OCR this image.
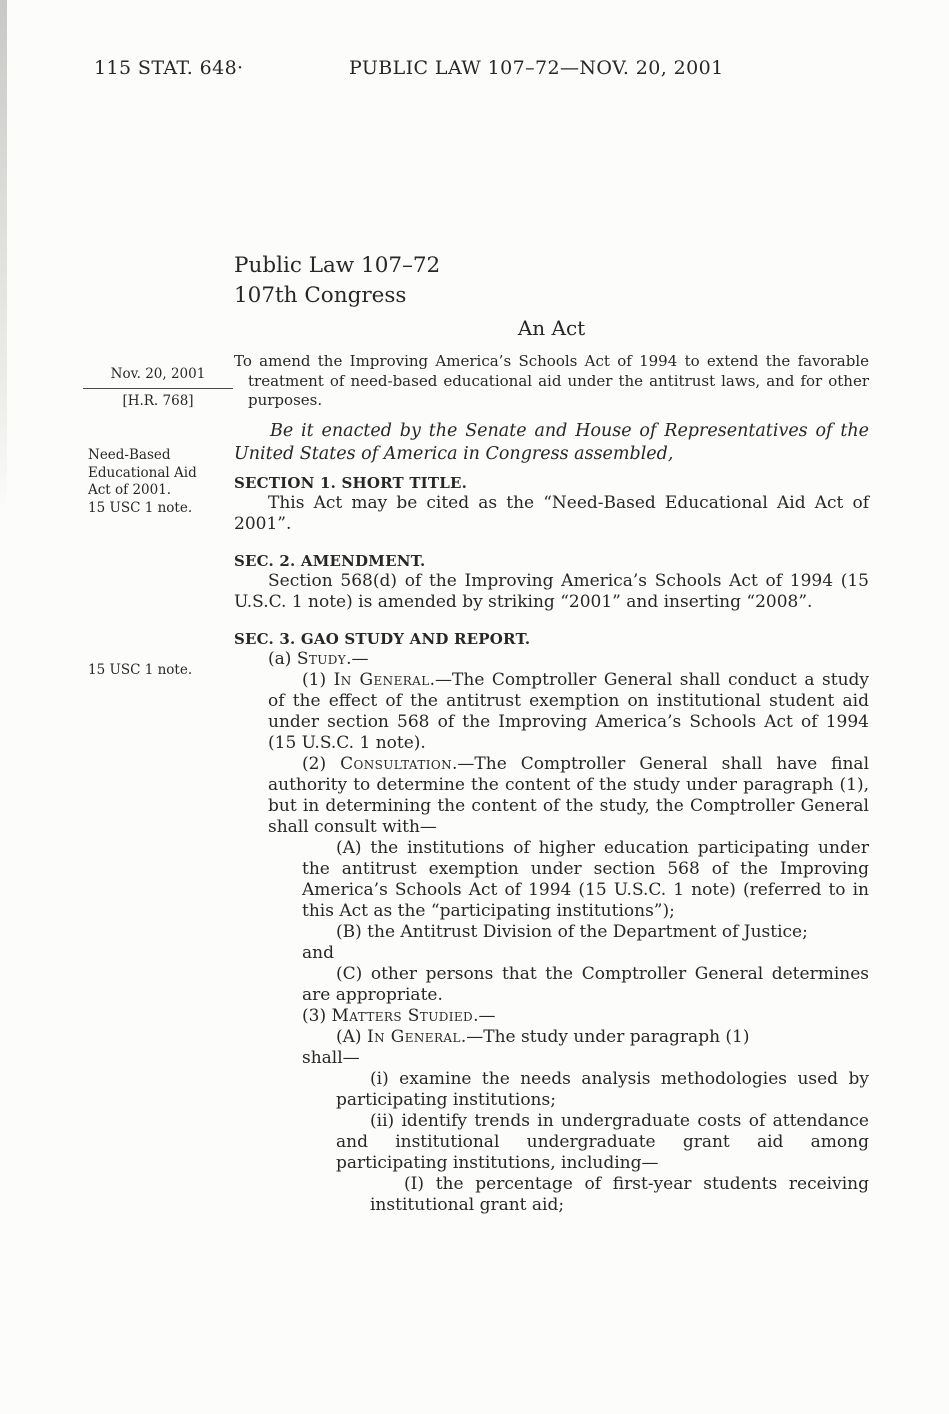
115 STAT. 648·	PUBLIC LAW 107–72—NOV. 20, 2001
Public Law 107–72
107th Congress
An Act
To amend the Improving America’s Schools Act of 1994 to extend the favorable treatment of need-based educational aid under the antitrust laws, and for other purposes.
Be it enacted by the Senate and House of Representatives of the United States of America in Congress assembled,
Nov. 20, 2001
[H.R. 768]
Need-Based
Educational Aid
Act of 2001.
15 USC 1 note.
15 USC 1 note.

SECTION 1. SHORT TITLE.

This Act may be cited as the “Need-Based Educational Aid Act of 2001”.

SEC. 2. AMENDMENT.

Section 568(d) of the Improving America’s Schools Act of 1994 (15 U.S.C. 1 note) is amended by striking “2001” and inserting “2008”.

SEC. 3. GAO STUDY AND REPORT.

(a) Study.—

(1) In General.—The Comptroller General shall conduct a study of the effect of the antitrust exemption on institutional student aid under section 568 of the Improving America’s Schools Act of 1994 (15 U.S.C. 1 note).

(2) Consultation.—The Comptroller General shall have final authority to determine the content of the study under paragraph (1), but in determining the content of the study, the Comptroller General shall consult with—

(A) the institutions of higher education participating under the antitrust exemption under section 568 of the Improving America’s Schools Act of 1994 (15 U.S.C. 1 note) (referred to in this Act as the “participating institutions”);

(B) the Antitrust Division of the Department of Justice;
and

(C) other persons that the Comptroller General determines are appropriate.

(3) Matters Studied.—

(A) In General.—The study under paragraph (1)
shall—

(i) examine the needs analysis methodologies used by participating institutions;

(ii) identify trends in undergraduate costs of attendance and institutional undergraduate grant aid among participating institutions, including—

(I) the percentage of first-year students receiving institutional grant aid;
